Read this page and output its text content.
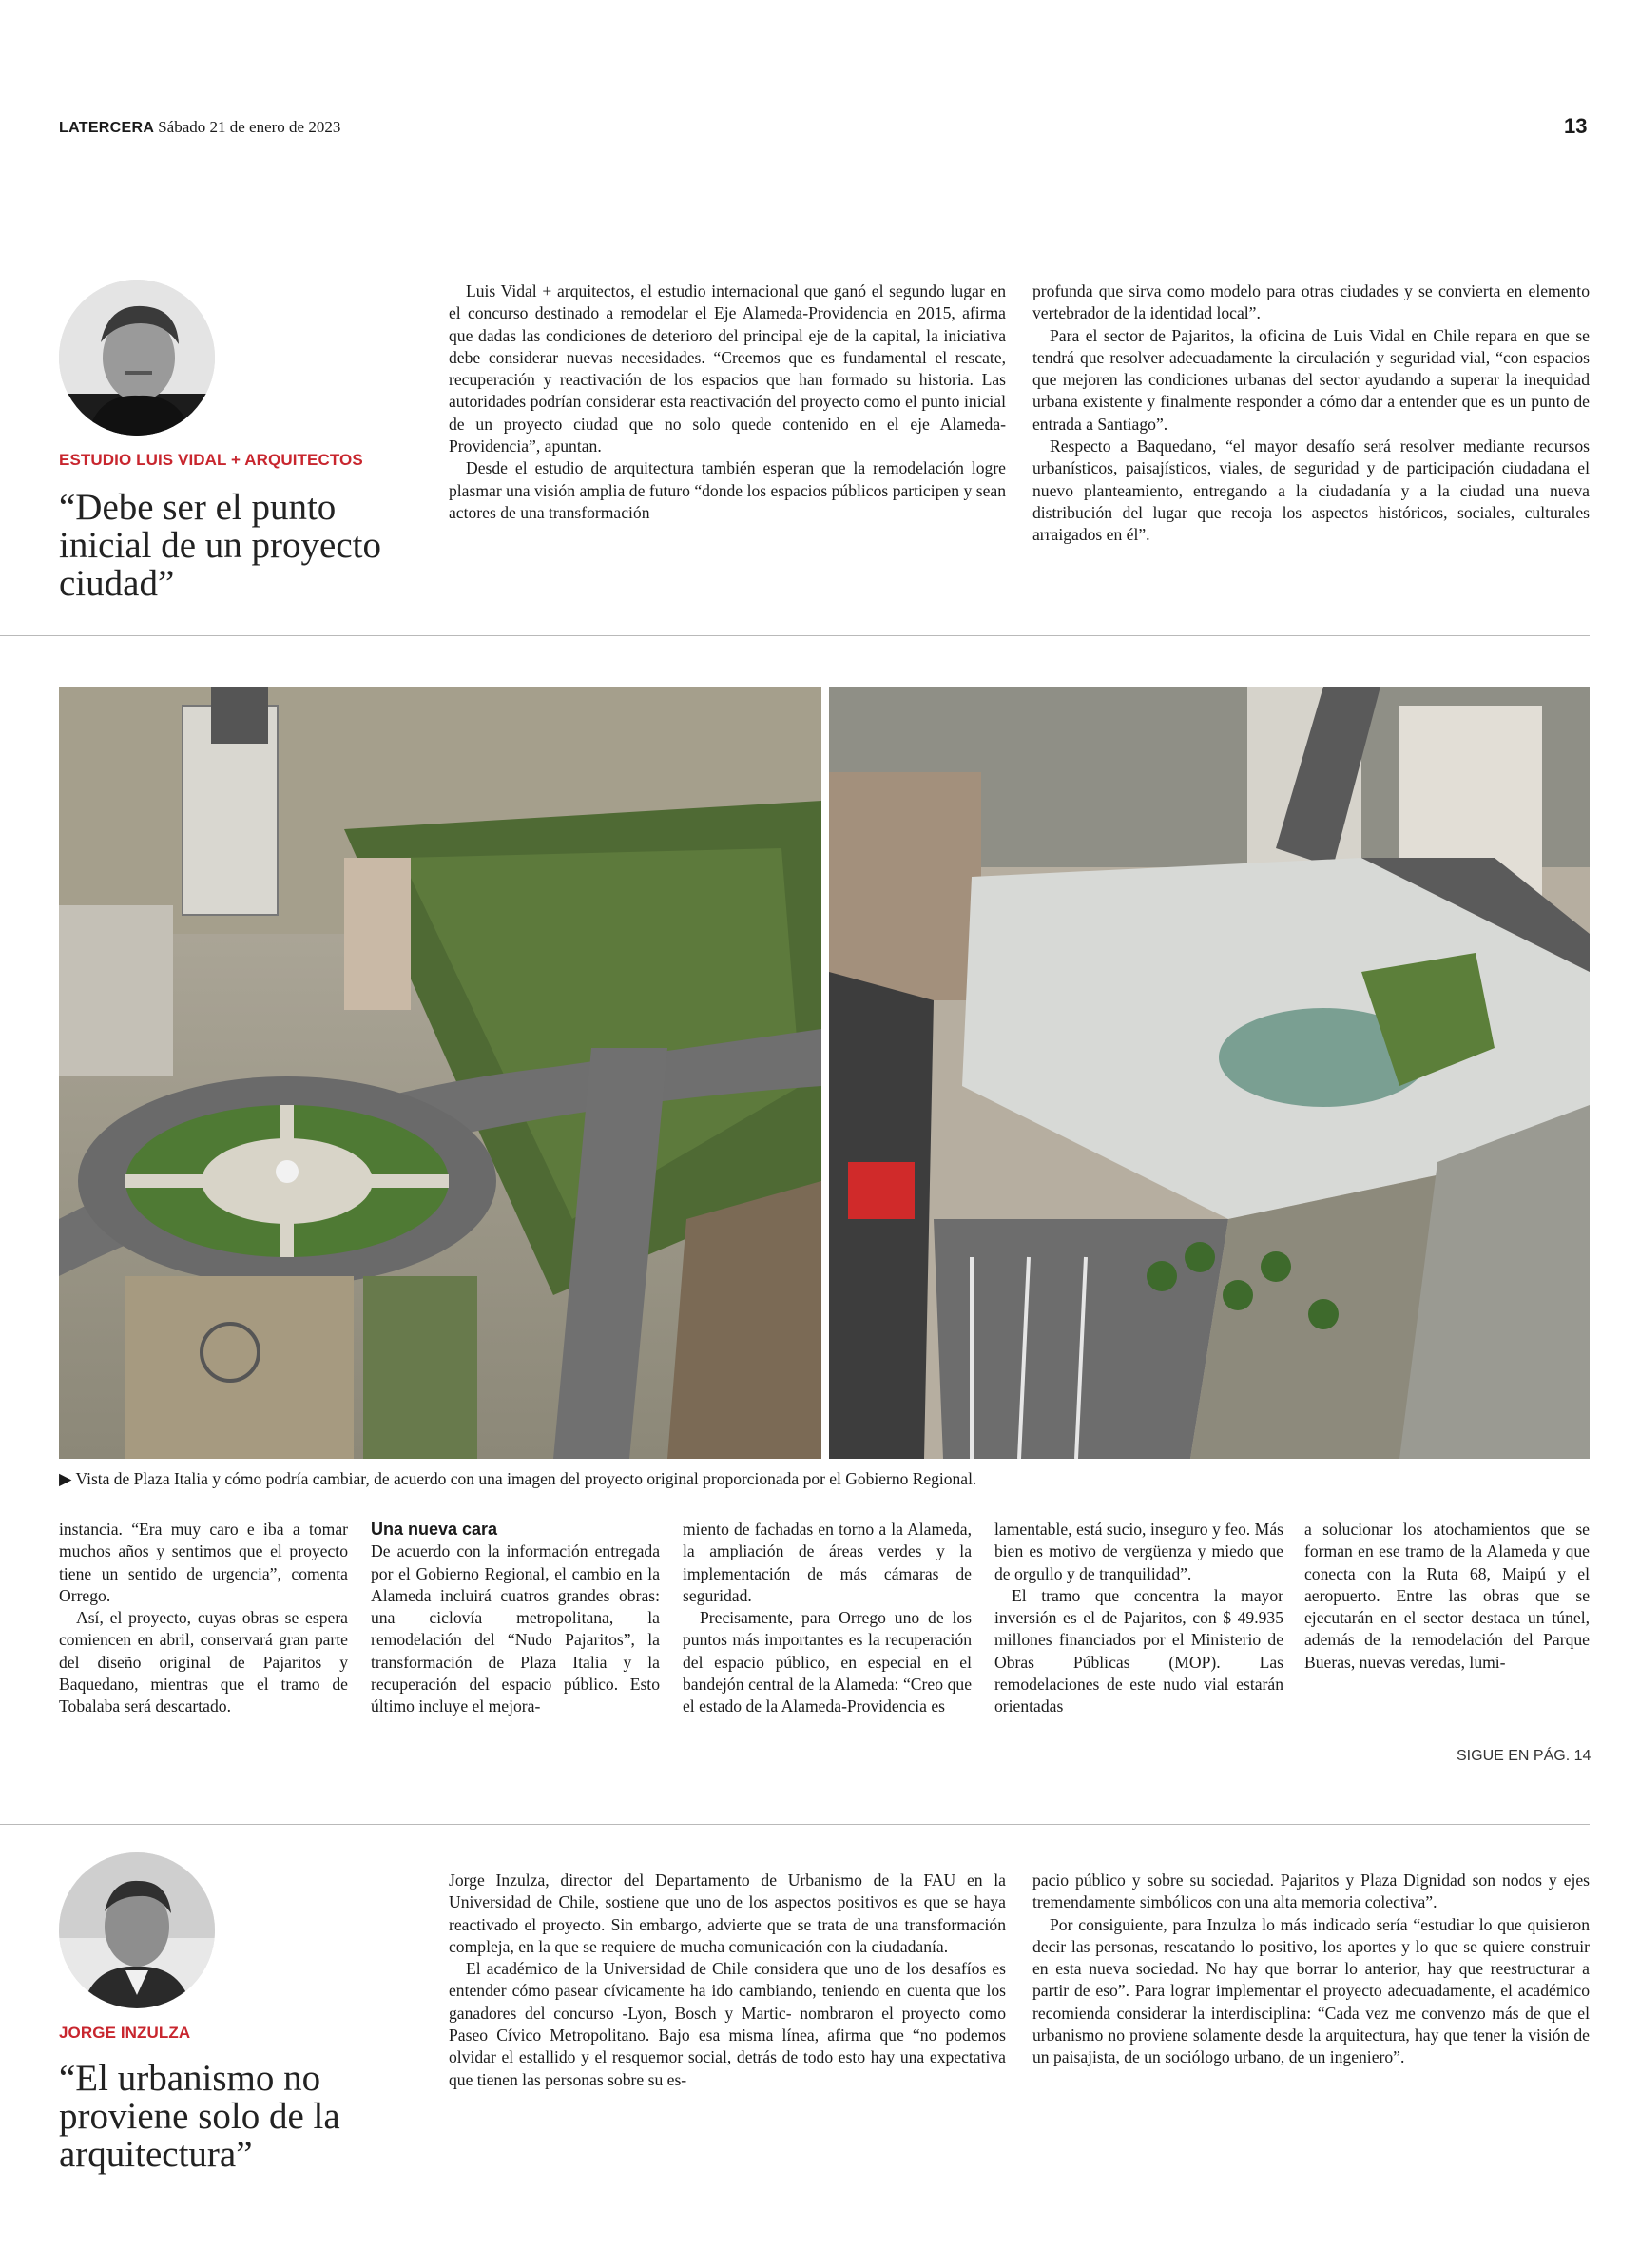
LATERCERA Sábado 21 de enero de 2023	13
ESTUDIO LUIS VIDAL + ARQUITECTOS
“Debe ser el punto inicial de un proyecto ciudad”

Luis Vidal + arquitectos, el estudio internacional que ganó el segundo lugar en el concurso destinado a remodelar el Eje Alameda-Providencia en 2015, afirma que dadas las condiciones de deterioro del principal eje de la capital, la iniciativa debe considerar nuevas necesidades. “Creemos que es fundamental el rescate, recuperación y reactivación de los espacios que han formado su historia. Las autoridades podrían considerar esta reactivación del proyecto como el punto inicial de un proyecto ciudad que no solo quede contenido en el eje Alameda-Providencia”, apuntan.

Desde el estudio de arquitectura también esperan que la remodelación logre plasmar una visión amplia de futuro “donde los espacios públicos participen y sean actores de una transformación

profunda que sirva como modelo para otras ciudades y se convierta en elemento vertebrador de la identidad local”.

Para el sector de Pajaritos, la oficina de Luis Vidal en Chile repara en que se tendrá que resolver adecuadamente la circulación y seguridad vial, “con espacios que mejoren las condiciones urbanas del sector ayudando a superar la inequidad urbana existente y finalmente responder a cómo dar a entender que es un punto de entrada a Santiago”.

Respecto a Baquedano, “el mayor desafío será resolver mediante recursos urbanísticos, paisajísticos, viales, de seguridad y de participación ciudadana el nuevo planteamiento, entregando a la ciudadanía y a la ciudad una nueva distribución del lugar que recoja los aspectos históricos, sociales, culturales arraigados en él”.

▶ Vista de Plaza Italia y cómo podría cambiar, de acuerdo con una imagen del proyecto original proporcionada por el Gobierno Regional.

instancia. “Era muy caro e iba a tomar muchos años y sentimos que el proyecto tiene un sentido de urgencia”, comenta Orrego.

Así, el proyecto, cuyas obras se espera comiencen en abril, conservará gran parte del diseño original de Pajaritos y Baquedano, mientras que el tramo de Tobalaba será descartado.

Una nueva cara

De acuerdo con la información entregada por el Gobierno Regional, el cambio en la Alameda incluirá cuatros grandes obras: una ciclovía metropolitana, la remodelación del “Nudo Pajaritos”, la transformación de Plaza Italia y la recuperación del espacio público. Esto último incluye el mejora-

miento de fachadas en torno a la Alameda, la ampliación de áreas verdes y la implementación de más cámaras de seguridad.

Precisamente, para Orrego uno de los puntos más importantes es la recuperación del espacio público, en especial en el bandejón central de la Alameda: “Creo que el estado de la Alameda-Providencia es

lamentable, está sucio, inseguro y feo. Más bien es motivo de vergüenza y miedo que de orgullo y de tranquilidad”.

El tramo que concentra la mayor inversión es el de Pajaritos, con $ 49.935 millones financiados por el Ministerio de Obras Públicas (MOP). Las remodelaciones de este nudo vial estarán orientadas

a solucionar los atochamientos que se forman en ese tramo de la Alameda y que conecta con la Ruta 68, Maipú y el aeropuerto. Entre las obras que se ejecutarán en el sector destaca un túnel, además de la remodelación del Parque Bueras, nuevas veredas, lumi-

SIGUE EN PÁG. 14
JORGE INZULZA
“El urbanismo no proviene solo de la arquitectura”

Jorge Inzulza, director del Departamento de Urbanismo de la FAU en la Universidad de Chile, sostiene que uno de los aspectos positivos es que se haya reactivado el proyecto. Sin embargo, advierte que se trata de una transformación compleja, en la que se requiere de mucha comunicación con la ciudadanía.

El académico de la Universidad de Chile considera que uno de los desafíos es entender cómo pasear cívicamente ha ido cambiando, teniendo en cuenta que los ganadores del concurso -Lyon, Bosch y Martic- nombraron el proyecto como Paseo Cívico Metropolitano. Bajo esa misma línea, afirma que “no podemos olvidar el estallido y el resquemor social, detrás de todo esto hay una expectativa que tienen las personas sobre su es-

pacio público y sobre su sociedad. Pajaritos y Plaza Dignidad son nodos y ejes tremendamente simbólicos con una alta memoria colectiva”.

Por consiguiente, para Inzulza lo más indicado sería “estudiar lo que quisieron decir las personas, rescatando lo positivo, los aportes y lo que se quiere construir en esta nueva sociedad. No hay que borrar lo anterior, hay que reestructurar a partir de eso”. Para lograr implementar el proyecto adecuadamente, el académico recomienda considerar la interdisciplina: “Cada vez me convenzo más de que el urbanismo no proviene solamente desde la arquitectura, hay que tener la visión de un paisajista, de un sociólogo urbano, de un ingeniero”.
